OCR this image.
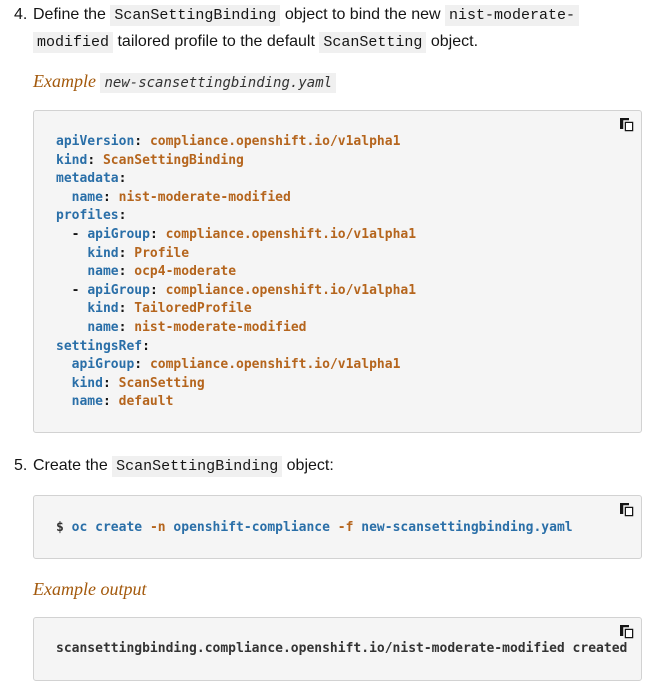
4. Define the ScanSettingBinding object to bind the new nist-moderate-
modified tailored profile to the default ScanSetting object.
Example new-scansettingbinding.yaml
apiVersion: compliance.openshift.io/v1alpha1
kind: ScanSettingBinding
metadata:
name: nist-moderate-modified
profiles:
- apiGroup: compliance.openshift.io/v1alpha1
kind: Profile
name: ocp4-moderate
- apiGroup: compliance.openshift.io/v1alpha1
kind: TailoredProfile
name: nist-moderate-modified
settingsRef:
apiGroup: compliance.openshift.io/v1alpha1
kind: ScanSetting
name: default
5. Create the ScanSettingBinding object:
$ oc create -n openshift-compliance -f new-scansettingbinding.yaml
Example output
scansettingbinding.compliance.openshift.io/nist-moderate-modified created
